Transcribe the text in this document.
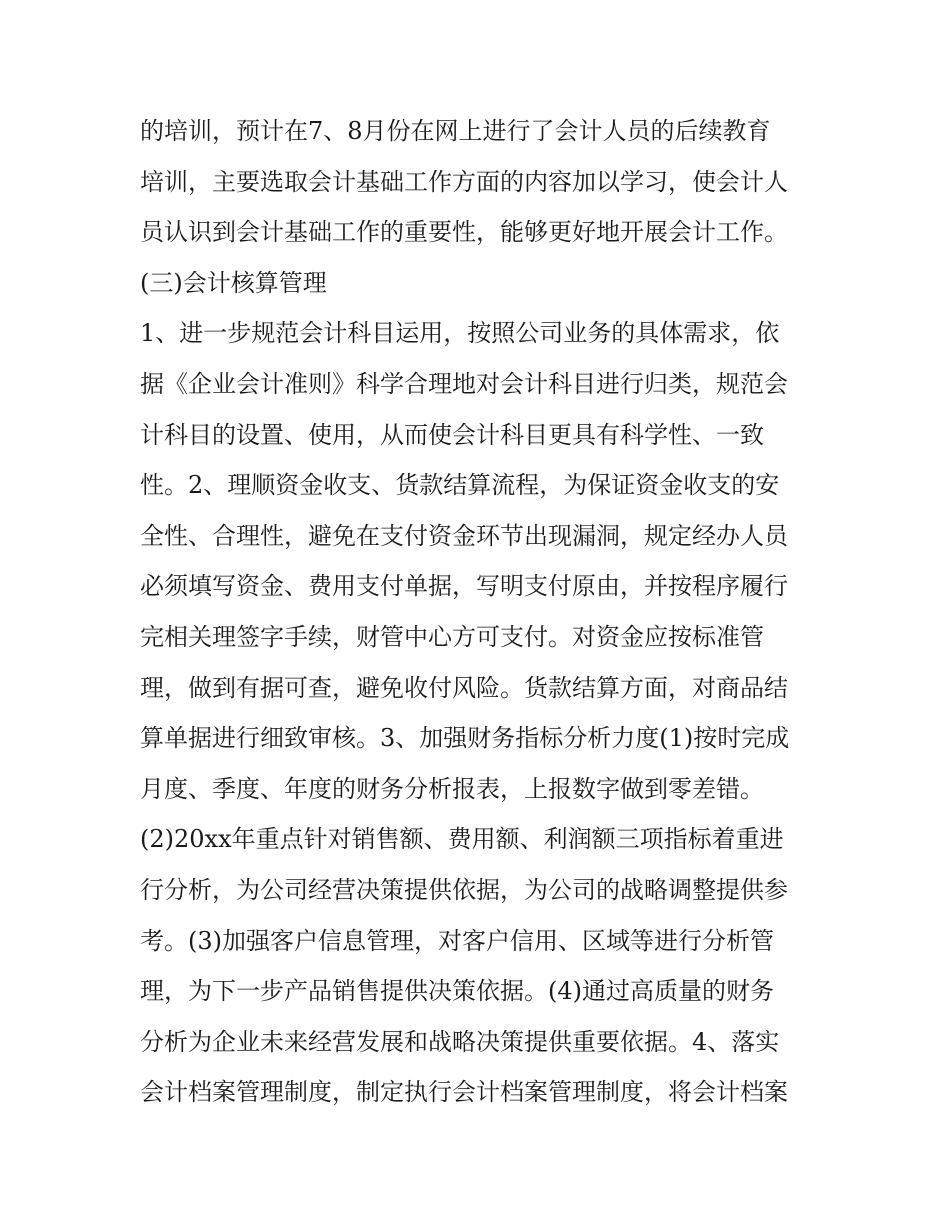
的培训，预计在7、8月份在网上进行了会计人员的后续教育
培训，主要选取会计基础工作方面的内容加以学习，使会计人
员认识到会计基础工作的重要性，能够更好地开展会计工作。
(三)会计核算管理
1、进一步规范会计科目运用，按照公司业务的具体需求，依
据《企业会计准则》科学合理地对会计科目进行归类，规范会
计科目的设置、使用，从而使会计科目更具有科学性、一致
性。2、理顺资金收支、货款结算流程，为保证资金收支的安
全性、合理性，避免在支付资金环节出现漏洞，规定经办人员
必须填写资金、费用支付单据，写明支付原由，并按程序履行
完相关理签字手续，财管中心方可支付。对资金应按标准管
理，做到有据可查，避免收付风险。货款结算方面，对商品结
算单据进行细致审核。3、加强财务指标分析力度(1)按时完成
月度、季度、年度的财务分析报表，上报数字做到零差错。
(2)20xx年重点针对销售额、费用额、利润额三项指标着重进
行分析，为公司经营决策提供依据，为公司的战略调整提供参
考。(3)加强客户信息管理，对客户信用、区域等进行分析管
理，为下一步产品销售提供决策依据。(4)通过高质量的财务
分析为企业未来经营发展和战略决策提供重要依据。4、落实
会计档案管理制度，制定执行会计档案管理制度，将会计档案
